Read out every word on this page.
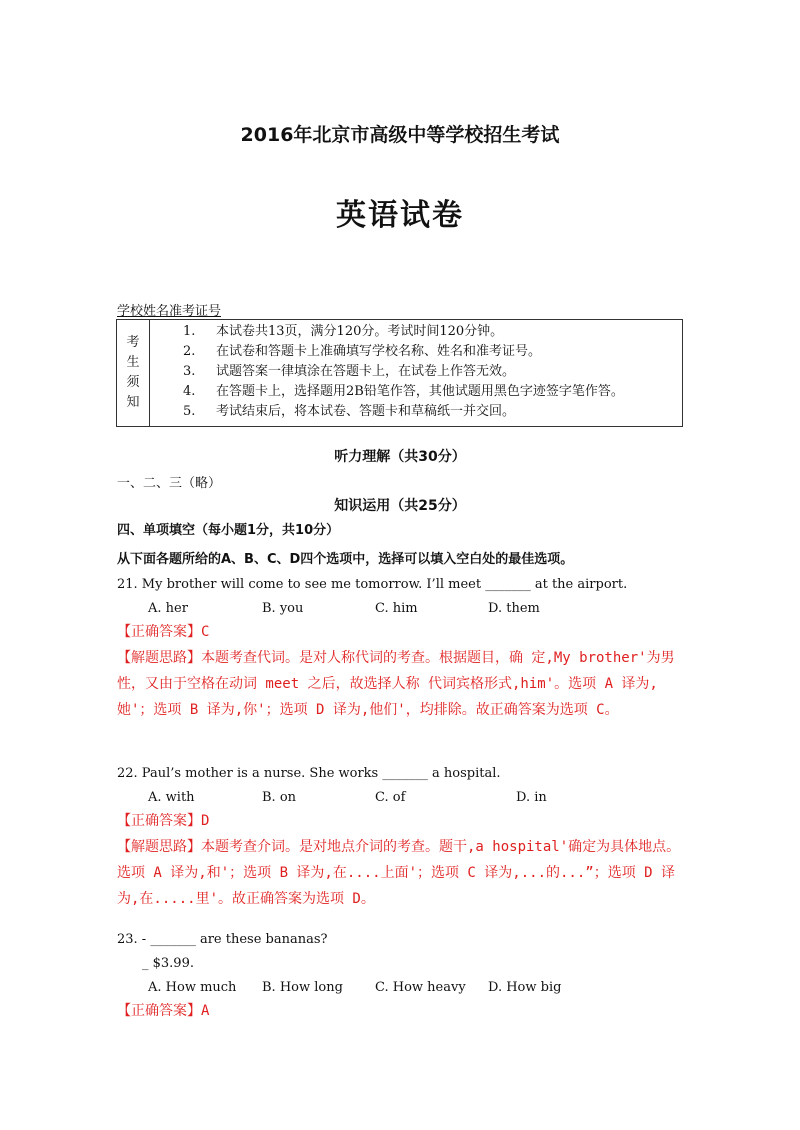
2016年北京市高级中等学校招生考试
英语试卷
学校姓名准考证号
考
生
须
知

1. 本试卷共13页，满分120分。考试时间120分钟。
2. 在试卷和答题卡上准确填写学校名称、姓名和准考证号。
3. 试题答案一律填涂在答题卡上，在试卷上作答无效。
4. 在答题卡上，选择题用2B铅笔作答，其他试题用黑色字迹签字笔作答。
5. 考试结束后，将本试卷、答题卡和草稿纸一并交回。
听力理解（共30分）
一、二、三（略）
知识运用（共25分）
四、单项填空（每小题1分，共10分）
从下面各题所给的A、B、C、D四个选项中，选择可以填入空白处的最佳选项。
21. My brother will come to see me tomorrow. I’ll meet _______ at the airport.
A. her	B. you	C. him	D. them
【正确答案】C
【解题思路】本题考查代词。是对人称代词的考查。根据题目，确 定,My brother'为男性，又由于空格在动词 meet 之后，故选择人称 代词宾格形式,him'。选项 A 译为,她'；选项 B 译为,你'；选项 D 译为,他们'，均排除。故正确答案为选项 C。
22. Paul’s mother is a nurse. She works _______ a hospital.
A. with	B. on	C. of	D. in
【正确答案】D
【解题思路】本题考查介词。是对地点介词的考查。题干,a hospital'确定为具体地点。选项 A 译为,和'；选项 B 译为,在....上面'；选项 C 译为,...的...”；选项 D 译为,在.....里'。故正确答案为选项 D。
23. - _______ are these bananas?
_ $3.99.
A. How much B. How long C. How heavy D. How big
【正确答案】A
